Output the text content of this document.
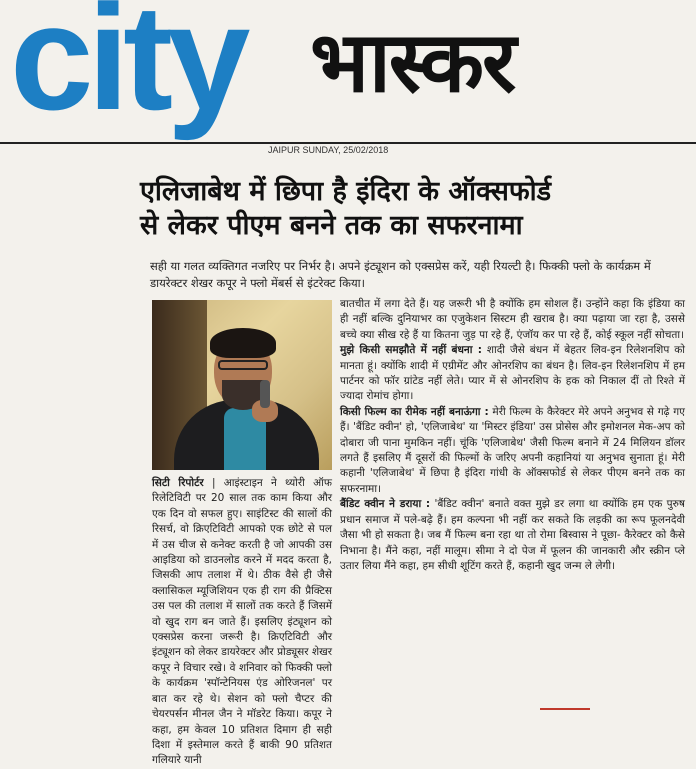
city भास्कर
JAIPUR SUNDAY, 25/02/2018
एलिजाबेथ में छिपा है इंदिरा के ऑक्सफोर्ड
से लेकर पीएम बनने तक का सफरनामा
सही या गलत व्यक्तिगत नजरिए पर निर्भर है। अपने इंट्यूशन को एक्सप्रेस करें, यही रियल्टी है। फिक्की फ्लो के कार्यक्रम में डायरेक्टर शेखर कपूर ने फ्लो मेंबर्स से इंटरेक्ट किया।

सिटी रिपोर्टर | आइंस्टाइन ने थ्योरी ऑफ रिलेटिविटी पर 20 साल तक काम किया और एक दिन वो सफल हुए। साइंटिस्ट की सालों की रिसर्च, वो क्रिएटिविटी आपको एक छोटे से पल में उस चीज से कनेक्ट करती है जो आपकी उस आइडिया को डाउनलोड करने में मदद करता है, जिसकी आप तलाश में थे। ठीक वैसे ही जैसे क्लासिकल म्यूजिशियन एक ही राग की प्रैक्टिस उस पल की तलाश में सालों तक करते हैं जिसमें वो खुद राग बन जाते हैं। इसलिए इंट्यूशन को एक्सप्रेस करना जरूरी है। क्रिएटिविटी और इंट्यूशन को लेकर डायरेक्टर और प्रोड्यूसर शेखर कपूर ने विचार रखे। वे शनिवार को फिक्की फ्लो के कार्यक्रम 'स्पॉन्टेनियस एंड ओरिजनल' पर बात कर रहे थे। सेशन को फ्लो चैप्टर की चेयरपर्सन मीनल जैन ने मॉडरेट किया। कपूर ने कहा, हम केवल 10 प्रतिशत दिमाग ही सही दिशा में इस्तेमाल करते हैं बाकी 90 प्रतिशत गलियारे यानी

बातचीत में लगा देते हैं। यह जरूरी भी है क्योंकि हम सोशल हैं। उन्होंने कहा कि इंडिया का ही नहीं बल्कि दुनियाभर का एजुकेशन सिस्टम ही खराब है। क्या पढ़ाया जा रहा है, उससे बच्चे क्या सीख रहे हैं या कितना जुड़ पा रहे हैं, एंजॉय कर पा रहे हैं, कोई स्कूल नहीं सोचता।

मुझे किसी समझौते में नहीं बंधना : शादी जैसे बंधन में बेहतर लिव-इन रिलेशनशिप को मानता हूं। क्योंकि शादी में एग्रीमेंट और ओनरशिप का बंधन है। लिव-इन रिलेशनशिप में हम पार्टनर को फॉर ग्रांटेड नहीं लेते। प्यार में से ओनरशिप के हक को निकाल दीं तो रिश्ते में ज्यादा रोमांच होगा।

किसी फिल्म का रीमेक नहीं बनाऊंगा : मेरी फिल्म के कैरेक्टर मेरे अपने अनुभव से गढ़े गए हैं। 'बैंडिट क्वीन' हो, 'एलिजाबेथ' या 'मिस्टर इंडिया' उस प्रोसेस और इमोशनल मेक-अप को दोबारा जी पाना मुमकिन नहीं। चूंकि 'एलिजाबेथ' जैसी फिल्म बनाने में 24 मिलियन डॉलर लगते हैं इसलिए मैं दूसरों की फिल्मों के जरिए अपनी कहानियां या अनुभव सुनाता हूं। मेरी कहानी 'एलिजाबेथ' में छिपा है इंदिरा गांधी के ऑक्सफोर्ड से लेकर पीएम बनने तक का सफरनामा।

बैंडिट क्वीन ने डराया : 'बैंडिट क्वीन' बनाते वक्त मुझे डर लगा था क्योंकि हम एक पुरुष प्रधान समाज में पले-बढ़े हैं। हम कल्पना भी नहीं कर सकते कि लड़की का रूप फूलनदेवी जैसा भी हो सकता है। जब मैं फिल्म बना रहा था तो रोमा बिस्वास ने पूछा- कैरेक्टर को कैसे निभाना है। मैंने कहा, नहीं मालूम। सीमा ने दो पेज में फूलन की जानकारी और स्क्रीन प्ले उतार लिया मैंने कहा, हम सीधी शूटिंग करते हैं, कहानी खुद जन्म ले लेगी।
